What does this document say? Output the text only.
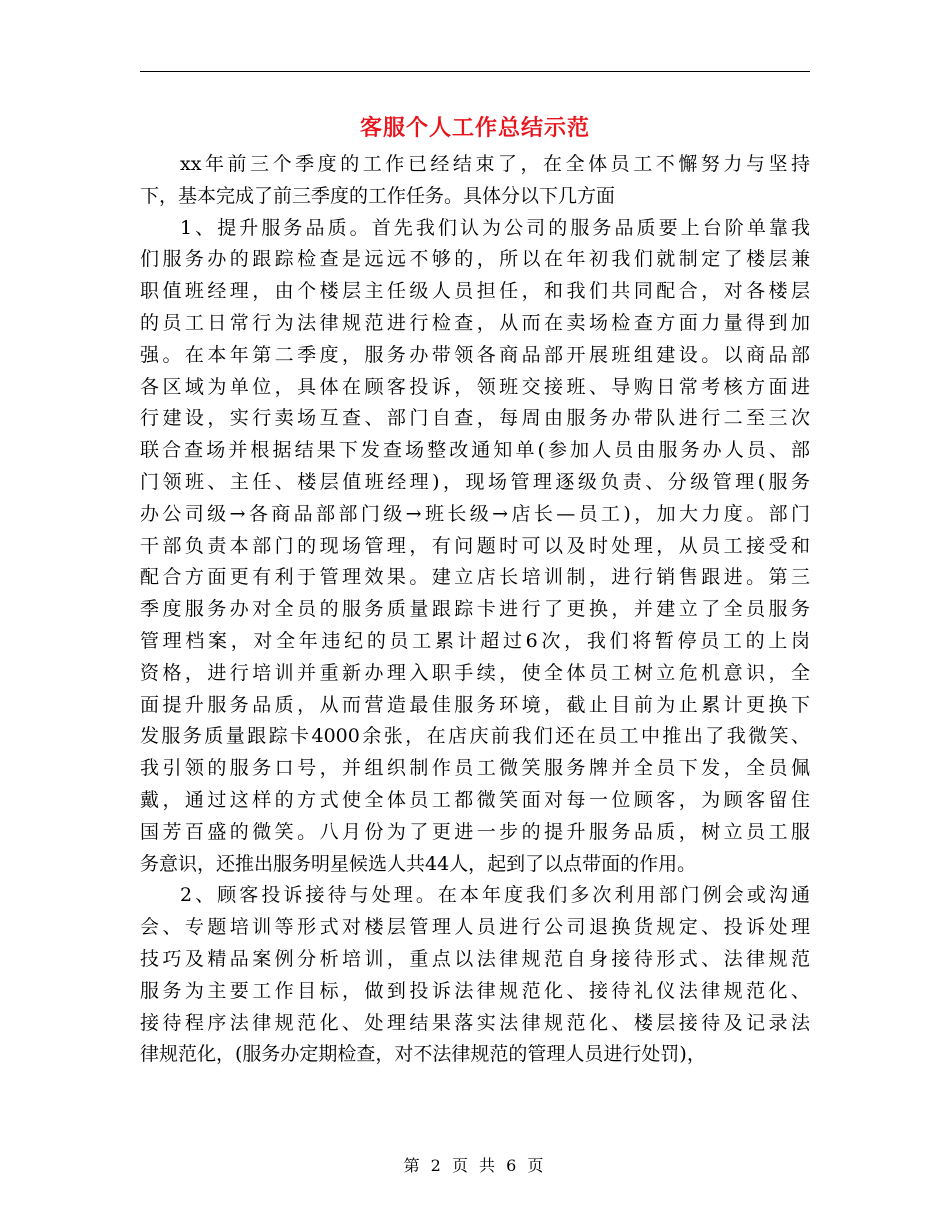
客服个人工作总结示范
xx年前三个季度的工作已经结束了，在全体员工不懈努力与坚持
下，基本完成了前三季度的工作任务。具体分以下几方面
1、提升服务品质。首先我们认为公司的服务品质要上台阶单靠我
们服务办的跟踪检查是远远不够的，所以在年初我们就制定了楼层兼
职值班经理，由个楼层主任级人员担任，和我们共同配合，对各楼层
的员工日常行为法律规范进行检查，从而在卖场检查方面力量得到加
强。在本年第二季度，服务办带领各商品部开展班组建设。以商品部
各区域为单位，具体在顾客投诉，领班交接班、导购日常考核方面进
行建设，实行卖场互查、部门自查，每周由服务办带队进行二至三次
联合查场并根据结果下发查场整改通知单(参加人员由服务办人员、部
门领班、主任、楼层值班经理)，现场管理逐级负责、分级管理(服务
办公司级→各商品部部门级→班长级→店长—员工)，加大力度。部门
干部负责本部门的现场管理，有问题时可以及时处理，从员工接受和
配合方面更有利于管理效果。建立店长培训制，进行销售跟进。第三
季度服务办对全员的服务质量跟踪卡进行了更换，并建立了全员服务
管理档案，对全年违纪的员工累计超过6次，我们将暂停员工的上岗
资格，进行培训并重新办理入职手续，使全体员工树立危机意识，全
面提升服务品质，从而营造最佳服务环境，截止目前为止累计更换下
发服务质量跟踪卡4000余张，在店庆前我们还在员工中推出了我微笑、
我引领的服务口号，并组织制作员工微笑服务牌并全员下发，全员佩
戴，通过这样的方式使全体员工都微笑面对每一位顾客，为顾客留住
国芳百盛的微笑。八月份为了更进一步的提升服务品质，树立员工服
务意识，还推出服务明星候选人共44人，起到了以点带面的作用。
2、顾客投诉接待与处理。在本年度我们多次利用部门例会或沟通
会、专题培训等形式对楼层管理人员进行公司退换货规定、投诉处理
技巧及精品案例分析培训，重点以法律规范自身接待形式、法律规范
服务为主要工作目标，做到投诉法律规范化、接待礼仪法律规范化、
接待程序法律规范化、处理结果落实法律规范化、楼层接待及记录法
律规范化，(服务办定期检查，对不法律规范的管理人员进行处罚)，
第 2 页 共 6 页
